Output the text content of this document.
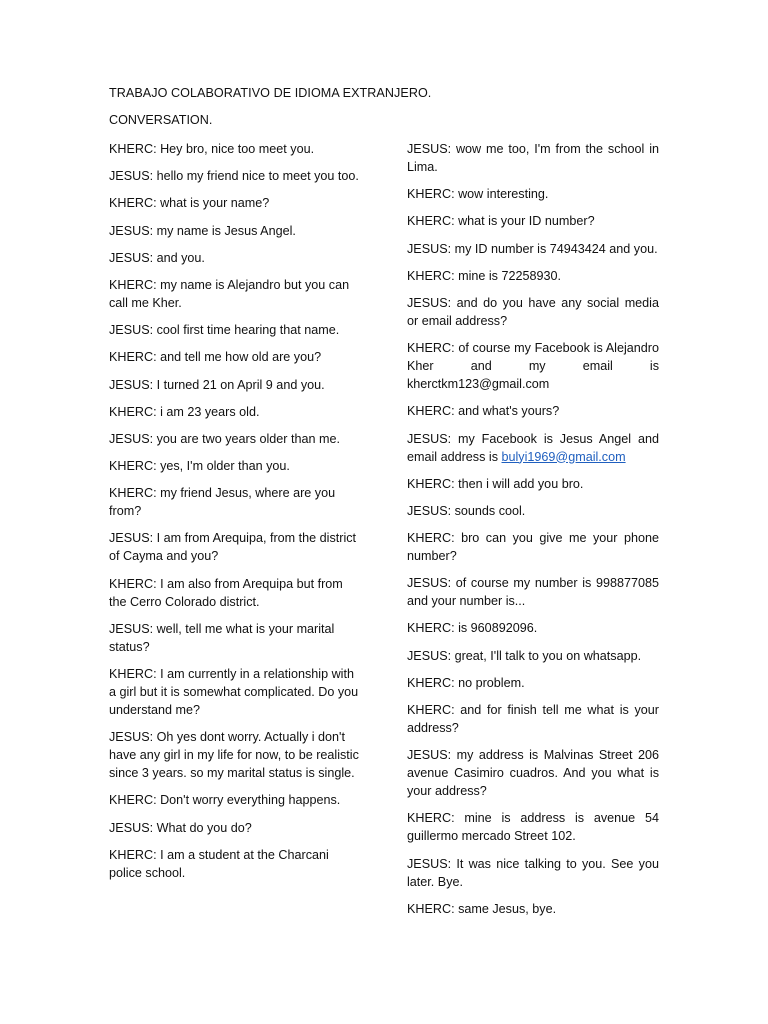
TRABAJO COLABORATIVO DE IDIOMA EXTRANJERO.
CONVERSATION.

KHERC: Hey bro, nice too meet you.

JESUS: hello my friend nice to meet you too.

KHERC: what is your name?

JESUS: my name is Jesus Angel.

JESUS: and you.

KHERC: my name is Alejandro but you can call me Kher.

JESUS: cool first time hearing that name.

KHERC: and tell me how old are you?

JESUS: I turned 21 on April 9 and you.

KHERC: i am 23 years old.

JESUS: you are two years older than me.

KHERC: yes, I'm older than you.

KHERC: my friend Jesus, where are you from?

JESUS: I am from Arequipa, from the district of Cayma and you?

KHERC: I am also from Arequipa but from the Cerro Colorado district.

JESUS: well, tell me what is your marital status?

KHERC: I am currently in a relationship with a girl but it is somewhat complicated. Do you understand me?

JESUS: Oh yes dont worry. Actually i don't have any girl in my life for now, to be realistic since 3 years. so my marital status is single.

KHERC: Don't worry everything happens.

JESUS: What do you do?

KHERC: I am a student at the Charcani police school.

JESUS: wow me too, I'm from the school in Lima.

KHERC: wow interesting.

KHERC: what is your ID number?

JESUS: my ID number is 74943424 and you.

KHERC: mine is 72258930.

JESUS: and do you have any social media or email address?

KHERC: of course my Facebook is Alejandro Kher and my email is kherctkm123@gmail.com

KHERC: and what's yours?

JESUS: my Facebook is Jesus Angel and email address is bulyi1969@gmail.com

KHERC: then i will add you bro.

JESUS: sounds cool.

KHERC: bro can you give me your phone number?

JESUS: of course my number is 998877085 and your number is...

KHERC: is 960892096.

JESUS: great, I'll talk to you on whatsapp.

KHERC: no problem.

KHERC: and for finish tell me what is your address?

JESUS: my address is Malvinas Street 206 avenue Casimiro cuadros. And you what is your address?

KHERC: mine is address is avenue 54 guillermo mercado Street 102.

JESUS: It was nice talking to you. See you later. Bye.

KHERC: same Jesus, bye.
